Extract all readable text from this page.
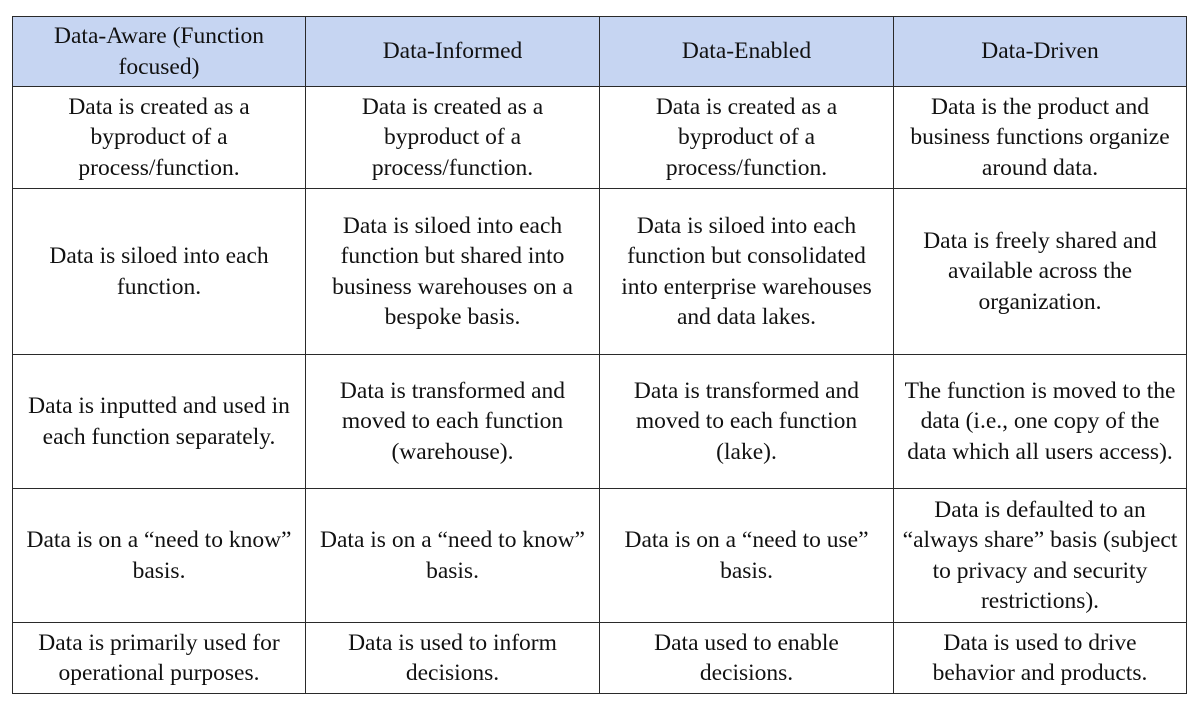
Data-Aware (Function focused)	Data-Informed	Data-Enabled	Data-Driven
Data is created as a byproduct of a process/function.	Data is created as a byproduct of a process/function.	Data is created as a byproduct of a process/function.	Data is the product and business functions organize around data.
Data is siloed into each function.	Data is siloed into each function but shared into business warehouses on a bespoke basis.	Data is siloed into each function but consolidated into enterprise warehouses and data lakes.	Data is freely shared and available across the organization.
Data is inputted and used in each function separately.	Data is transformed and moved to each function (warehouse).	Data is transformed and moved to each function (lake).	The function is moved to the data (i.e., one copy of the data which all users access).
Data is on a “need to know” basis.	Data is on a “need to know” basis.	Data is on a “need to use” basis.	Data is defaulted to an “always share” basis (subject to privacy and security restrictions).
Data is primarily used for operational purposes.	Data is used to inform decisions.	Data used to enable decisions.	Data is used to drive behavior and products.
